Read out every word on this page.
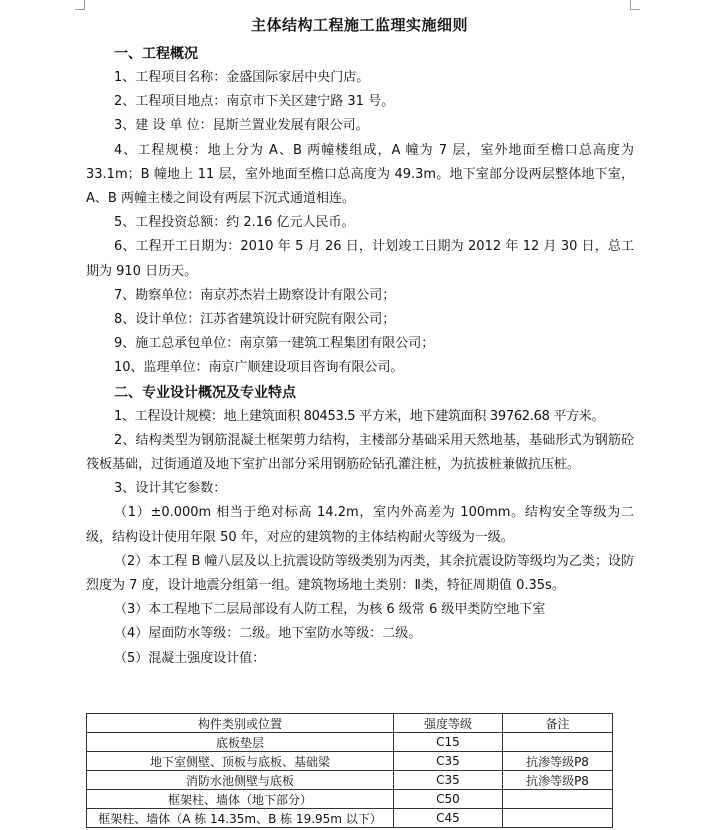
主体结构工程施工监理实施细则
一、工程概况

1、工程项目名称：金盛国际家居中央门店。

2、工程项目地点：南京市下关区建宁路 31 号。

3、建 设 单 位：昆斯兰置业发展有限公司。

4、工程规模：地上分为 A、B 两幢楼组成，A 幢为 7 层，室外地面至檐口总高度为 33.1m；B 幢地上 11 层，室外地面至檐口总高度为 49.3m。地下室部分设两层整体地下室，A、B 两幢主楼之间设有两层下沉式通道相连。

5、工程投资总额：约 2.16 亿元人民币。

6、工程开工日期为：2010 年 5 月 26 日，计划竣工日期为 2012 年 12 月 30 日，总工期为 910 日历天。

7、勘察单位：南京苏杰岩土勘察设计有限公司；

8、设计单位：江苏省建筑设计研究院有限公司；

9、施工总承包单位：南京第一建筑工程集团有限公司；

10、监理单位：南京广顺建设项目咨询有限公司。

二、专业设计概况及专业特点

1、工程设计规模：地上建筑面积 80453.5 平方米，地下建筑面积 39762.68 平方米。

2、结构类型为钢筋混凝土框架剪力结构，主楼部分基础采用天然地基，基础形式为钢筋砼筏板基础，过街通道及地下室扩出部分采用钢筋砼钻孔灌注桩，为抗拔桩兼做抗压桩。

3、设计其它参数：

（1）±0.000m 相当于绝对标高 14.2m，室内外高差为 100mm。结构安全等级为二级，结构设计使用年限 50 年，对应的建筑物的主体结构耐火等级为一级。

（2）本工程 B 幢八层及以上抗震设防等级类别为丙类，其余抗震设防等级均为乙类；设防烈度为 7 度，设计地震分组第一组。建筑物场地土类别：Ⅱ类，特征周期值 0.35s。

（3）本工程地下二层局部设有人防工程，为核 6 级常 6 级甲类防空地下室

（4）屋面防水等级：二级。地下室防水等级：二级。

（5）混凝土强度设计值：

构件类别或位置	强度等级	备注
底板垫层	C15	
地下室侧壁、顶板与底板、基础梁	C35	抗渗等级P8
消防水池侧壁与底板	C35	抗渗等级P8
框架柱、墙体（地下部分）	C50	
框架柱、墙体（A 栋 14.35m、B 栋 19.95m 以下）	C45	
